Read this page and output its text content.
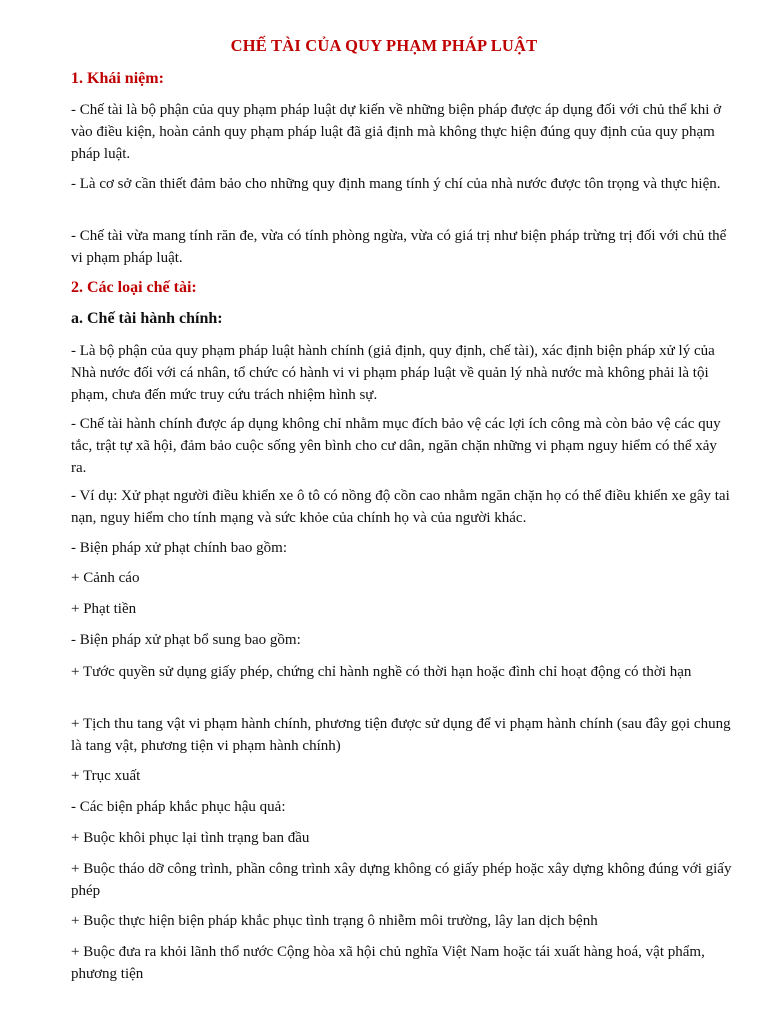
CHẾ TÀI CỦA QUY PHẠM PHÁP LUẬT
1. Khái niệm:

- Chế tài là bộ phận của quy phạm pháp luật dự kiến về những biện pháp được áp dụng đối với chủ thể khi ở vào điều kiện, hoàn cảnh quy phạm pháp luật đã giả định mà không thực hiện đúng quy định của quy phạm pháp luật.

- Là cơ sở cần thiết đảm bảo cho những quy định mang tính ý chí của nhà nước được tôn trọng và thực hiện.

- Chế tài vừa mang tính răn đe, vừa có tính phòng ngừa, vừa có giá trị như biện pháp trừng trị đối với chủ thể vi phạm pháp luật.

2. Các loại chế tài:
a. Chế tài hành chính:

- Là bộ phận của quy phạm pháp luật hành chính (giả định, quy định, chế tài), xác định biện pháp xử lý của Nhà nước đối với cá nhân, tổ chức có hành vi vi phạm pháp luật về quản lý nhà nước mà không phải là tội phạm, chưa đến mức truy cứu trách nhiệm hình sự.

- Chế tài hành chính được áp dụng không chỉ nhằm mục đích bảo vệ các lợi ích công mà còn bảo vệ các quy tắc, trật tự xã hội, đảm bảo cuộc sống yên bình cho cư dân, ngăn chặn những vi phạm nguy hiểm có thể xảy ra.

- Ví dụ: Xử phạt người điều khiển xe ô tô có nồng độ cồn cao nhằm ngăn chặn họ có thể điều khiển xe gây tai nạn, nguy hiểm cho tính mạng và sức khỏe của chính họ và của người khác.

- Biện pháp xử phạt chính bao gồm:

+ Cảnh cáo

+ Phạt tiền

- Biện pháp xử phạt bổ sung bao gồm:

+ Tước quyền sử dụng giấy phép, chứng chỉ hành nghề có thời hạn hoặc đình chỉ hoạt động có thời hạn

+ Tịch thu tang vật vi phạm hành chính, phương tiện được sử dụng để vi phạm hành chính (sau đây gọi chung là tang vật, phương tiện vi phạm hành chính)

+ Trục xuất

- Các biện pháp khắc phục hậu quả:

+ Buộc khôi phục lại tình trạng ban đầu

+ Buộc tháo dỡ công trình, phần công trình xây dựng không có giấy phép hoặc xây dựng không đúng với giấy phép

+ Buộc thực hiện biện pháp khắc phục tình trạng ô nhiễm môi trường, lây lan dịch bệnh

+ Buộc đưa ra khỏi lãnh thổ nước Cộng hòa xã hội chủ nghĩa Việt Nam hoặc tái xuất hàng hoá, vật phẩm, phương tiện
